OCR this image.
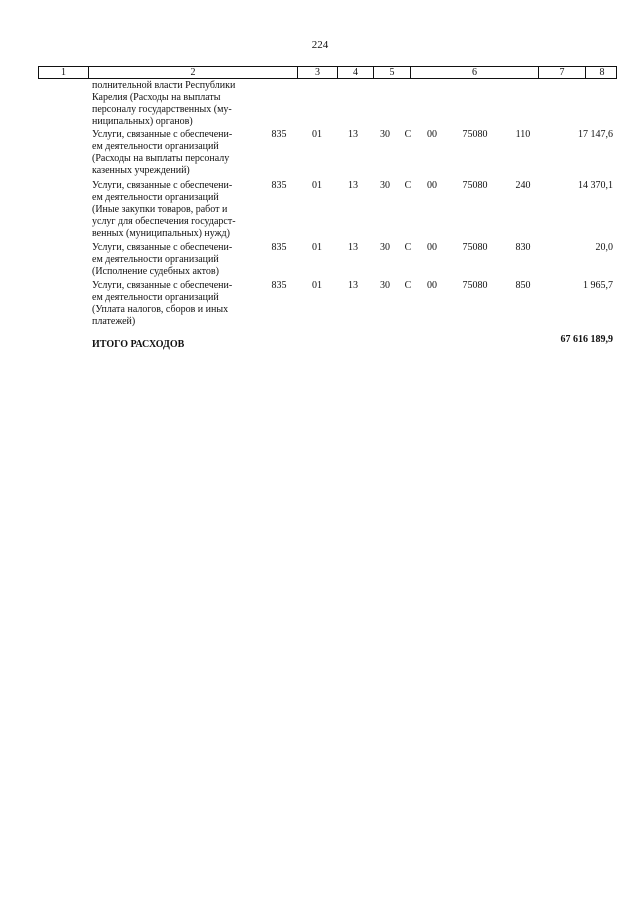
224
1	2	3	4	5	6	7	8
полнительной власти Республики
Карелия (Расходы на выплаты
персоналу государственных (му-
ниципальных) органов)
Услуги, связанные с обеспечени-
ем деятельности организаций
(Расходы на выплаты персоналу
казенных учреждений)
835	01	13	30	С	00	75080	110	17 147,6
Услуги, связанные с обеспечени-
ем деятельности организаций
(Иные закупки товаров, работ и
услуг для обеспечения государст-
венных (муниципальных) нужд)
835	01	13	30	С	00	75080	240	14 370,1
Услуги, связанные с обеспечени-
ем деятельности организаций
(Исполнение судебных актов)
835	01	13	30	С	00	75080	830	20,0
Услуги, связанные с обеспечени-
ем деятельности организаций
(Уплата налогов, сборов и иных
платежей)
835	01	13	30	С	00	75080	850	1 965,7
ИТОГО РАСХОДОВ	67 616 189,9
